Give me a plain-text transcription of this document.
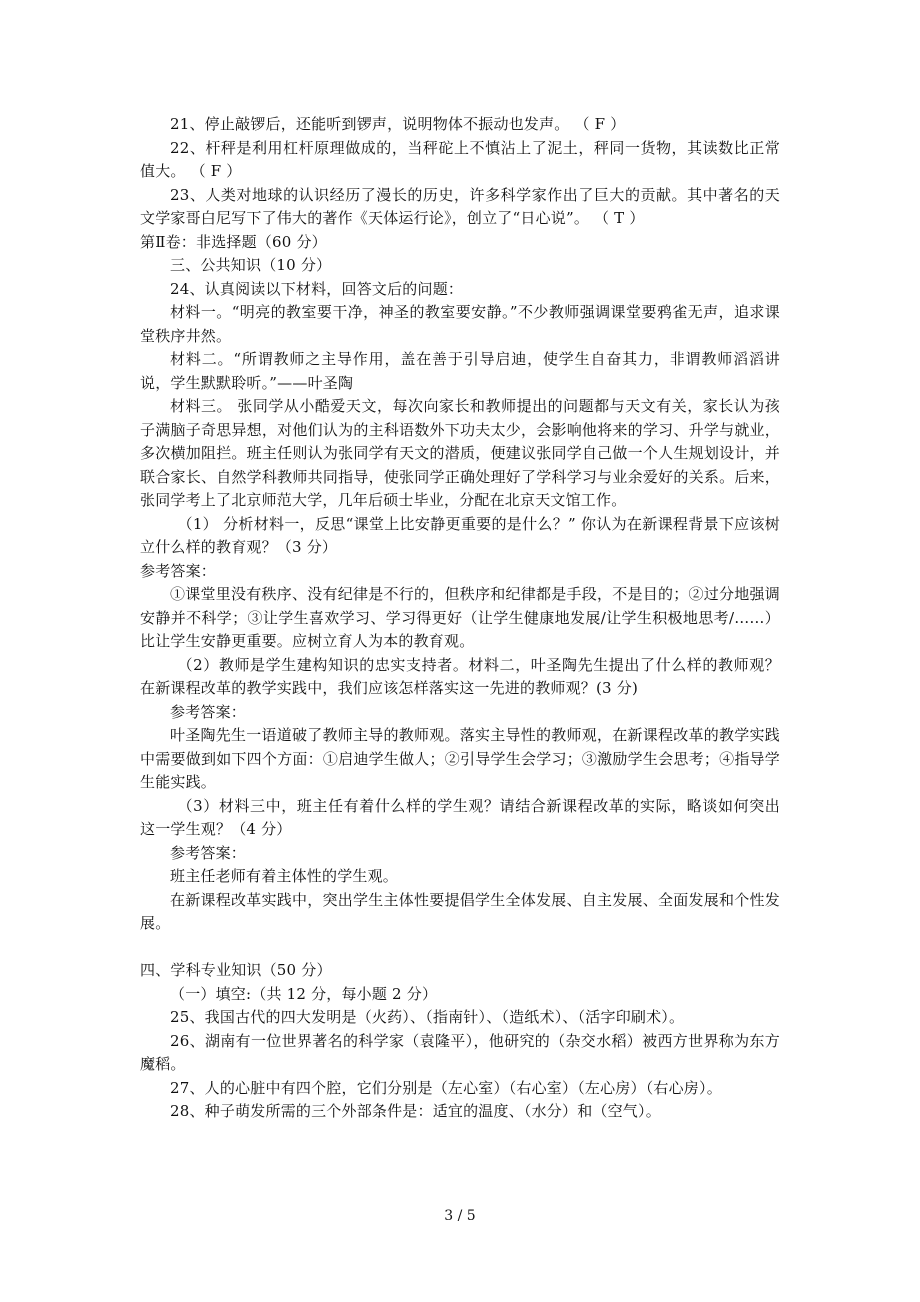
21、停止敲锣后，还能听到锣声，说明物体不振动也发声。 （ F ）

22、杆秤是利用杠杆原理做成的，当秤砣上不慎沾上了泥土，秤同一货物，其读数比正常值大。 （ F ）

23、人类对地球的认识经历了漫长的历史，许多科学家作出了巨大的贡献。其中著名的天文学家哥白尼写下了伟大的著作《天体运行论》，创立了“日心说”。 （ T ）

第Ⅱ卷：非选择题（60 分）

三、公共知识（10 分）

24、认真阅读以下材料，回答文后的问题：

材料一。“明亮的教室要干净，神圣的教室要安静。”不少教师强调课堂要鸦雀无声，追求课堂秩序井然。

材料二。“所谓教师之主导作用，盖在善于引导启迪，使学生自奋其力，非谓教师滔滔讲说，学生默默聆听。”——叶圣陶

材料三。 张同学从小酷爱天文，每次向家长和教师提出的问题都与天文有关，家长认为孩子满脑子奇思异想，对他们认为的主科语数外下功夫太少，会影响他将来的学习、升学与就业，多次横加阻拦。班主任则认为张同学有天文的潜质，便建议张同学自己做一个人生规划设计，并联合家长、自然学科教师共同指导，使张同学正确处理好了学科学习与业余爱好的关系。后来，张同学考上了北京师范大学，几年后硕士毕业，分配在北京天文馆工作。

（1） 分析材料一，反思“课堂上比安静更重要的是什么？” 你认为在新课程背景下应该树立什么样的教育观？（3 分）

参考答案：

①课堂里没有秩序、没有纪律是不行的，但秩序和纪律都是手段，不是目的；②过分地强调安静并不科学；③让学生喜欢学习、学习得更好（让学生健康地发展/让学生积极地思考/……）比让学生安静更重要。应树立育人为本的教育观。

（2）教师是学生建构知识的忠实支持者。材料二，叶圣陶先生提出了什么样的教师观？在新课程改革的教学实践中，我们应该怎样落实这一先进的教师观？(3 分)

参考答案：

叶圣陶先生一语道破了教师主导的教师观。落实主导性的教师观，在新课程改革的教学实践中需要做到如下四个方面：①启迪学生做人；②引导学生会学习；③激励学生会思考；④指导学生能实践。

（3）材料三中，班主任有着什么样的学生观？请结合新课程改革的实际，略谈如何突出这一学生观？（4 分）

参考答案：

班主任老师有着主体性的学生观。

在新课程改革实践中，突出学生主体性要提倡学生全体发展、自主发展、全面发展和个性发展。

四、学科专业知识（50 分）

（一）填空:（共 12 分，每小题 2 分）

25、我国古代的四大发明是（火药）、（指南针）、（造纸术）、（活字印刷术）。

26、湖南有一位世界著名的科学家（袁隆平），他研究的（杂交水稻）被西方世界称为东方魔稻。

27、人的心脏中有四个腔，它们分别是（左心室）（右心室）（左心房）（右心房）。

28、种子萌发所需的三个外部条件是：适宜的温度、（水分）和（空气）。

3 / 5
